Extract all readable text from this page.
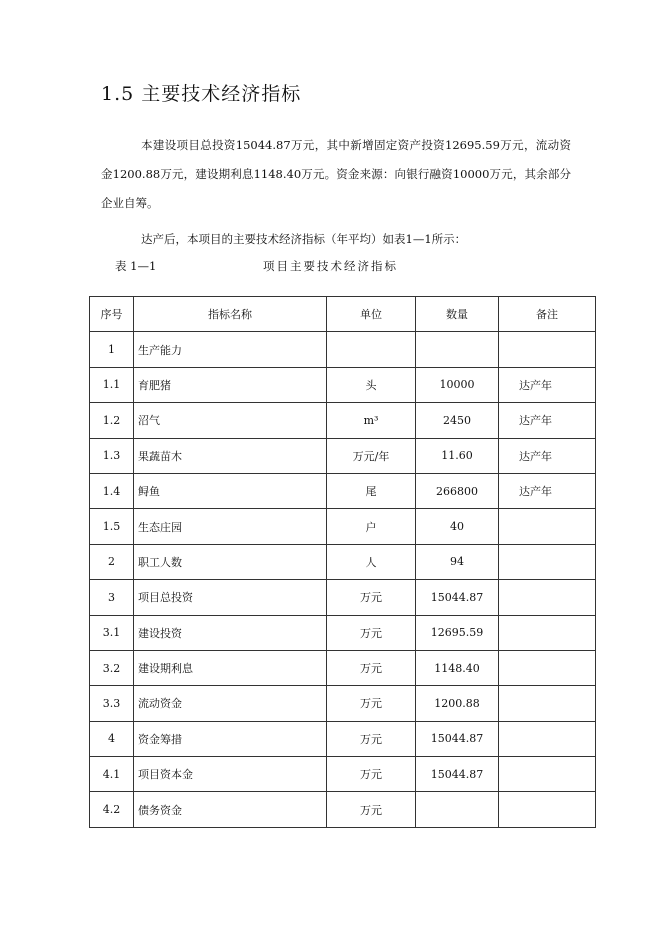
1.5 主要技术经济指标
本建设项目总投资15044.87万元，其中新增固定资产投资12695.59万元，流动资金1200.88万元，建设期利息1148.40万元。资金来源：向银行融资10000万元，其余部分企业自筹。
达产后，本项目的主要技术经济指标（年平均）如表1—1所示：
表 1—1	项目主要技术经济指标
序号	指标名称	单位	数量	备注
1	生产能力			
1.1	育肥猪	头	10000	达产年
1.2	沼气	m³	2450	达产年
1.3	果蔬苗木	万元/年	11.60	达产年
1.4	鲟鱼	尾	266800	达产年
1.5	生态庄园	户	40	
2	职工人数	人	94	
3	项目总投资	万元	15044.87	
3.1	建设投资	万元	12695.59	
3.2	建设期利息	万元	1148.40	
3.3	流动资金	万元	1200.88	
4	资金筹措	万元	15044.87	
4.1	项目资本金	万元	15044.87	
4.2	债务资金	万元		
